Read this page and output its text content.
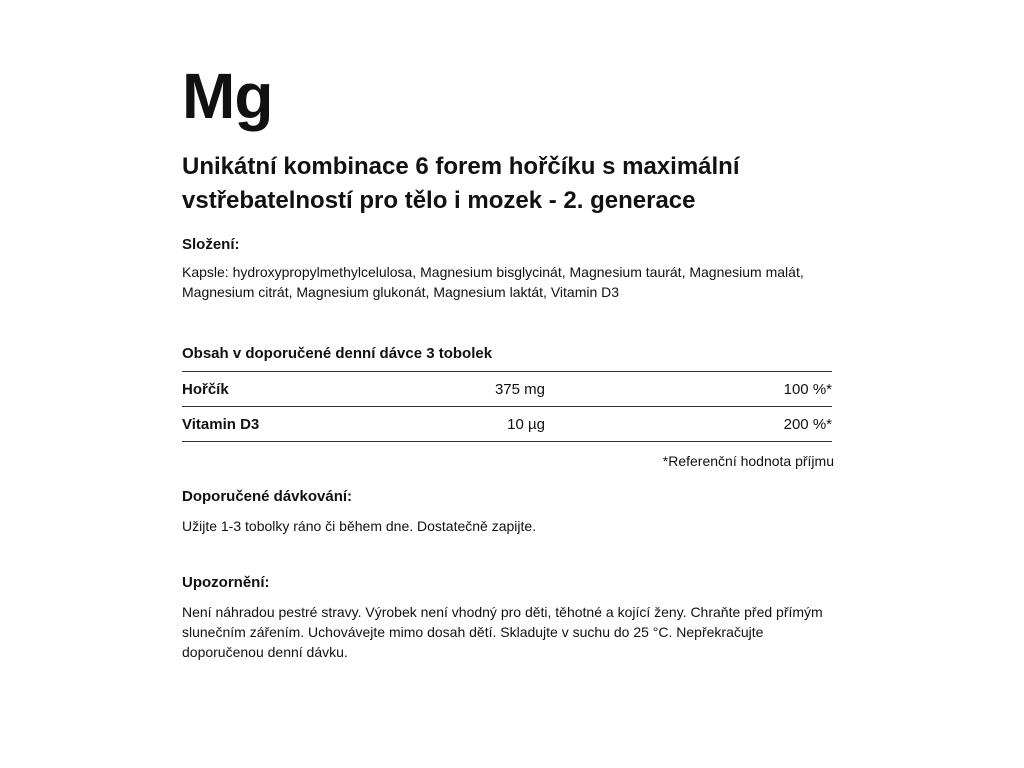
Mg
Unikátní kombinace 6 forem hořčíku s maximální vstřebatelností pro tělo i mozek - 2. generace
Složení:

Kapsle: hydroxypropylmethylcelulosa, Magnesium bisglycinát, Magnesium taurát, Magnesium malát, Magnesium citrát, Magnesium glukonát, Magnesium laktát, Vitamin D3

Obsah v doporučené denní dávce 3 tobolek
Hořčík	375 mg	100 %*
Vitamin D3	10 µg	200 %*

*Referenční hodnota příjmu

Doporučené dávkování:

Užijte 1-3 tobolky ráno či během dne. Dostatečně zapijte.

Upozornění:

Není náhradou pestré stravy. Výrobek není vhodný pro děti, těhotné a kojící ženy. Chraňte před přímým slunečním zářením. Uchovávejte mimo dosah dětí. Skladujte v suchu do 25 °C. Nepřekračujte doporučenou denní dávku.
